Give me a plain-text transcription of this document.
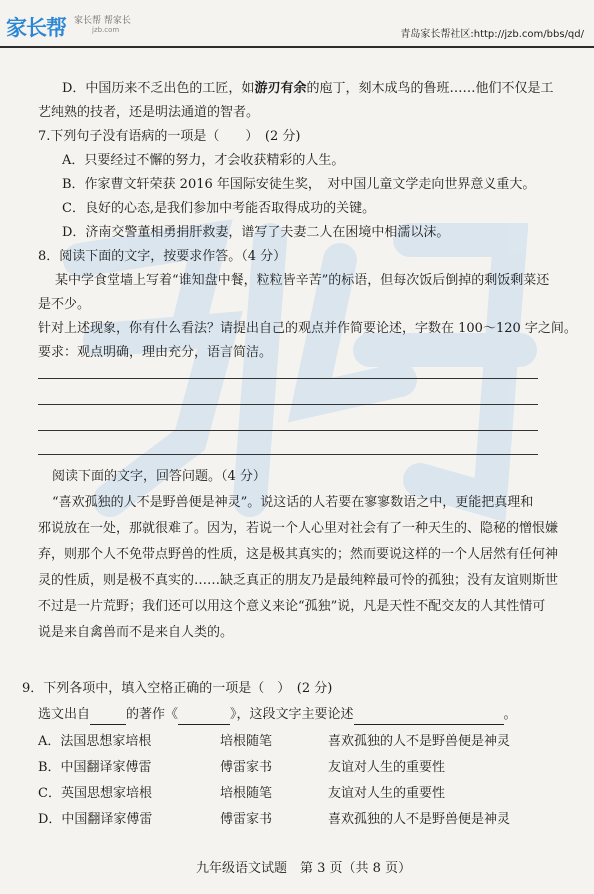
家长帮 家长帮 帮家长
jzb.com	青岛家长帮社区:http://jzb.com/bbs/qd/
D．中国历来不乏出色的工匠，如游刃有余的庖丁，刻木成鸟的鲁班……他们不仅是工
艺纯熟的技者，还是明法通道的智者。
7.下列句子没有语病的一项是（　　）　(2 分)
A．只要经过不懈的努力，才会收获精彩的人生。
B．作家曹文轩荣获 2016 年国际安徒生奖，　对中国儿童文学走向世界意义重大。
C．良好的心态,是我们参加中考能否取得成功的关键。
D．济南交警董相勇捐肝救妻，谱写了夫妻二人在困境中相濡以沫。
8．阅读下面的文字，按要求作答。（4 分）
某中学食堂墙上写着“谁知盘中餐，粒粒皆辛苦”的标语，但每次饭后倒掉的剩饭剩菜还
是不少。
针对上述现象，你有什么看法？请提出自己的观点并作简要论述，字数在 100～120 字之间。
要求：观点明确，理由充分，语言简洁。
阅读下面的文字，回答问题。（4 分）
“喜欢孤独的人不是野兽便是神灵”。说这话的人若要在寥寥数语之中，更能把真理和
邪说放在一处，那就很难了。因为，若说一个人心里对社会有了一种天生的、隐秘的憎恨嫌
弃，则那个人不免带点野兽的性质，这是极其真实的；然而要说这样的一个人居然有任何神
灵的性质，则是极不真实的……缺乏真正的朋友乃是最纯粹最可怜的孤独；没有友谊则斯世
不过是一片荒野；我们还可以用这个意义来论“孤独”说，凡是天性不配交友的人其性情可
说是来自禽兽而不是来自人类的。
9．下列各项中，填入空格正确的一项是（　）　(2 分)
选文出自	的著作《	》，这段文字主要论述	。
A．法国思想家培根	培根随笔	喜欢孤独的人不是野兽便是神灵
B．中国翻译家傅雷	傅雷家书	友谊对人生的重要性
C．英国思想家培根	培根随笔	友谊对人生的重要性
D．中国翻译家傅雷	傅雷家书	喜欢孤独的人不是野兽便是神灵
九年级语文试题　第 3 页（共 8 页）
